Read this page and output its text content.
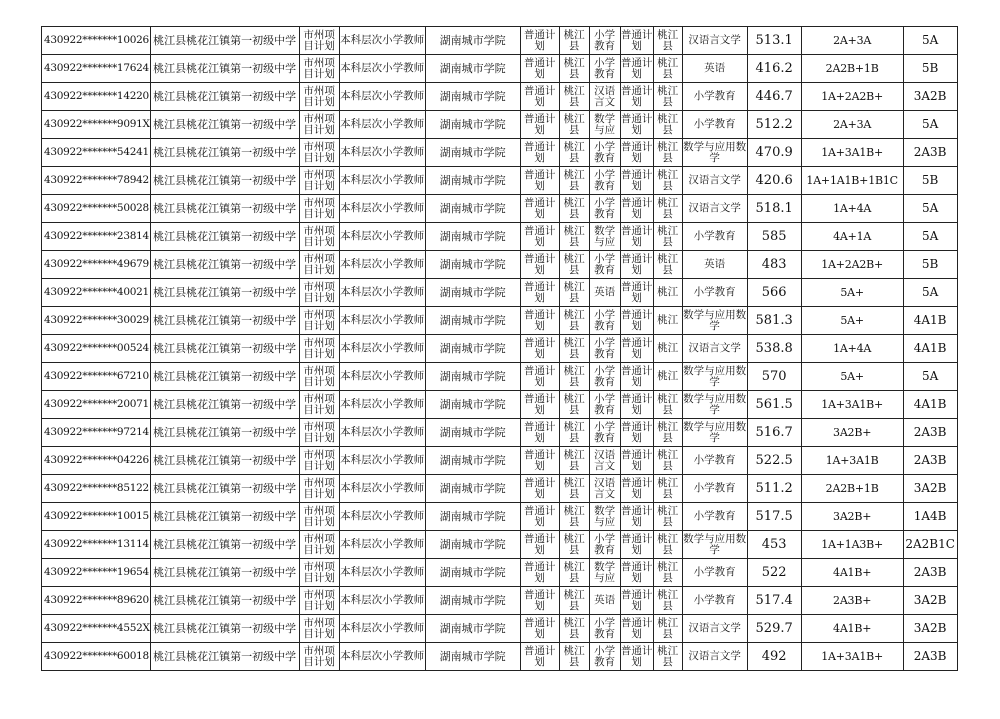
430922*******10026	桃江县桃花江镇第一初级中学	市州项目计划	本科层次小学教师	湖南城市学院	普通计划	桃江县	小学教育	普通计划	桃江县	汉语言文学	513.1	2A+3A	5A
430922*******17624	桃江县桃花江镇第一初级中学	市州项目计划	本科层次小学教师	湖南城市学院	普通计划	桃江县	小学教育	普通计划	桃江县	英语	416.2	2A2B+1B	5B
430922*******14220	桃江县桃花江镇第一初级中学	市州项目计划	本科层次小学教师	湖南城市学院	普通计划	桃江县	汉语言文	普通计划	桃江县	小学教育	446.7	1A+2A2B+	3A2B
430922*******9091X	桃江县桃花江镇第一初级中学	市州项目计划	本科层次小学教师	湖南城市学院	普通计划	桃江县	数学与应	普通计划	桃江县	小学教育	512.2	2A+3A	5A
430922*******54241	桃江县桃花江镇第一初级中学	市州项目计划	本科层次小学教师	湖南城市学院	普通计划	桃江县	小学教育	普通计划	桃江县	数学与应用数学	470.9	1A+3A1B+	2A3B
430922*******78942	桃江县桃花江镇第一初级中学	市州项目计划	本科层次小学教师	湖南城市学院	普通计划	桃江县	小学教育	普通计划	桃江县	汉语言文学	420.6	1A+1A1B+1B1C	5B
430922*******50028	桃江县桃花江镇第一初级中学	市州项目计划	本科层次小学教师	湖南城市学院	普通计划	桃江县	小学教育	普通计划	桃江县	汉语言文学	518.1	1A+4A	5A
430922*******23814	桃江县桃花江镇第一初级中学	市州项目计划	本科层次小学教师	湖南城市学院	普通计划	桃江县	数学与应	普通计划	桃江县	小学教育	585	4A+1A	5A
430922*******49679	桃江县桃花江镇第一初级中学	市州项目计划	本科层次小学教师	湖南城市学院	普通计划	桃江县	小学教育	普通计划	桃江县	英语	483	1A+2A2B+	5B
430922*******40021	桃江县桃花江镇第一初级中学	市州项目计划	本科层次小学教师	湖南城市学院	普通计划	桃江县	英语	普通计划	桃江	小学教育	566	5A+	5A
430922*******30029	桃江县桃花江镇第一初级中学	市州项目计划	本科层次小学教师	湖南城市学院	普通计划	桃江县	小学教育	普通计划	桃江	数学与应用数学	581.3	5A+	4A1B
430922*******00524	桃江县桃花江镇第一初级中学	市州项目计划	本科层次小学教师	湖南城市学院	普通计划	桃江县	小学教育	普通计划	桃江	汉语言文学	538.8	1A+4A	4A1B
430922*******67210	桃江县桃花江镇第一初级中学	市州项目计划	本科层次小学教师	湖南城市学院	普通计划	桃江县	小学教育	普通计划	桃江	数学与应用数学	570	5A+	5A
430922*******20071	桃江县桃花江镇第一初级中学	市州项目计划	本科层次小学教师	湖南城市学院	普通计划	桃江县	小学教育	普通计划	桃江县	数学与应用数学	561.5	1A+3A1B+	4A1B
430922*******97214	桃江县桃花江镇第一初级中学	市州项目计划	本科层次小学教师	湖南城市学院	普通计划	桃江县	小学教育	普通计划	桃江县	数学与应用数学	516.7	3A2B+	2A3B
430922*******04226	桃江县桃花江镇第一初级中学	市州项目计划	本科层次小学教师	湖南城市学院	普通计划	桃江县	汉语言文	普通计划	桃江县	小学教育	522.5	1A+3A1B	2A3B
430922*******85122	桃江县桃花江镇第一初级中学	市州项目计划	本科层次小学教师	湖南城市学院	普通计划	桃江县	汉语言文	普通计划	桃江县	小学教育	511.2	2A2B+1B	3A2B
430922*******10015	桃江县桃花江镇第一初级中学	市州项目计划	本科层次小学教师	湖南城市学院	普通计划	桃江县	数学与应	普通计划	桃江县	小学教育	517.5	3A2B+	1A4B
430922*******13114	桃江县桃花江镇第一初级中学	市州项目计划	本科层次小学教师	湖南城市学院	普通计划	桃江县	小学教育	普通计划	桃江县	数学与应用数学	453	1A+1A3B+	2A2B1C
430922*******19654	桃江县桃花江镇第一初级中学	市州项目计划	本科层次小学教师	湖南城市学院	普通计划	桃江县	数学与应	普通计划	桃江县	小学教育	522	4A1B+	2A3B
430922*******89620	桃江县桃花江镇第一初级中学	市州项目计划	本科层次小学教师	湖南城市学院	普通计划	桃江县	英语	普通计划	桃江县	小学教育	517.4	2A3B+	3A2B
430922*******4552X	桃江县桃花江镇第一初级中学	市州项目计划	本科层次小学教师	湖南城市学院	普通计划	桃江县	小学教育	普通计划	桃江县	汉语言文学	529.7	4A1B+	3A2B
430922*******60018	桃江县桃花江镇第一初级中学	市州项目计划	本科层次小学教师	湖南城市学院	普通计划	桃江县	小学教育	普通计划	桃江县	汉语言文学	492	1A+3A1B+	2A3B
